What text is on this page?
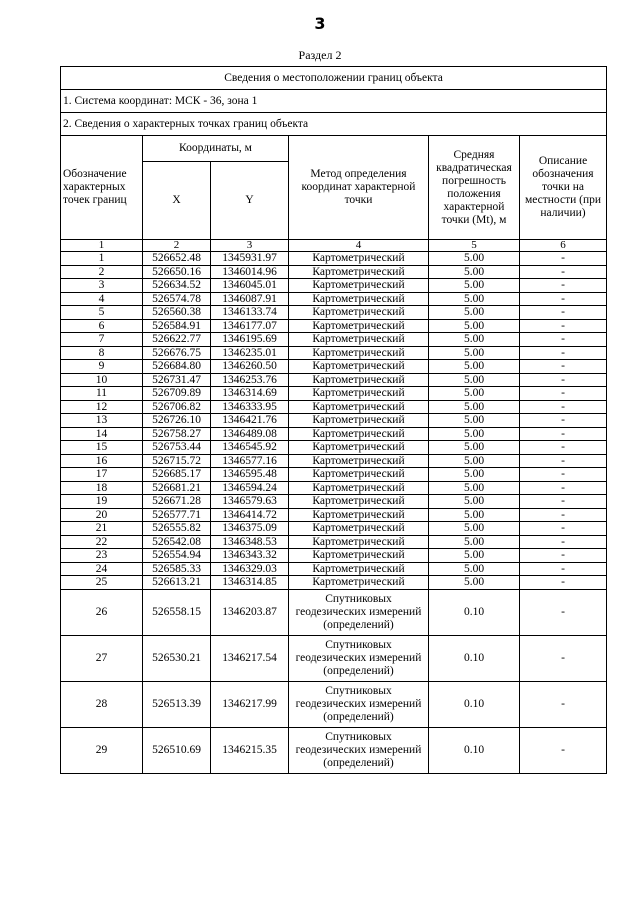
3
Раздел 2
Сведения о местоположении границ объекта					
1. Система координат: МСК - 36, зона 1					
2. Сведения о характерных точках границ объекта					
Обозначение характерных точек границ	Координаты, м		Метод определения координат характерной точки	Средняя квадратическая погрешность положения характерной точки (Mt), м	Описание обозначения точки на местности (при наличии)
	X	Y			
1	2	3	4	5	6
1	526652.48	1345931.97	Картометрический	5.00	-
2	526650.16	1346014.96	Картометрический	5.00	-
3	526634.52	1346045.01	Картометрический	5.00	-
4	526574.78	1346087.91	Картометрический	5.00	-
5	526560.38	1346133.74	Картометрический	5.00	-
6	526584.91	1346177.07	Картометрический	5.00	-
7	526622.77	1346195.69	Картометрический	5.00	-
8	526676.75	1346235.01	Картометрический	5.00	-
9	526684.80	1346260.50	Картометрический	5.00	-
10	526731.47	1346253.76	Картометрический	5.00	-
11	526709.89	1346314.69	Картометрический	5.00	-
12	526706.82	1346333.95	Картометрический	5.00	-
13	526726.10	1346421.76	Картометрический	5.00	-
14	526758.27	1346489.08	Картометрический	5.00	-
15	526753.44	1346545.92	Картометрический	5.00	-
16	526715.72	1346577.16	Картометрический	5.00	-
17	526685.17	1346595.48	Картометрический	5.00	-
18	526681.21	1346594.24	Картометрический	5.00	-
19	526671.28	1346579.63	Картометрический	5.00	-
20	526577.71	1346414.72	Картометрический	5.00	-
21	526555.82	1346375.09	Картометрический	5.00	-
22	526542.08	1346348.53	Картометрический	5.00	-
23	526554.94	1346343.32	Картометрический	5.00	-
24	526585.33	1346329.03	Картометрический	5.00	-
25	526613.21	1346314.85	Картометрический	5.00	-
26	526558.15	1346203.87	Спутниковых геодезических измерений (определений)	0.10	-
27	526530.21	1346217.54	Спутниковых геодезических измерений (определений)	0.10	-
28	526513.39	1346217.99	Спутниковых геодезических измерений (определений)	0.10	-
29	526510.69	1346215.35	Спутниковых геодезических измерений (определений)	0.10	-
